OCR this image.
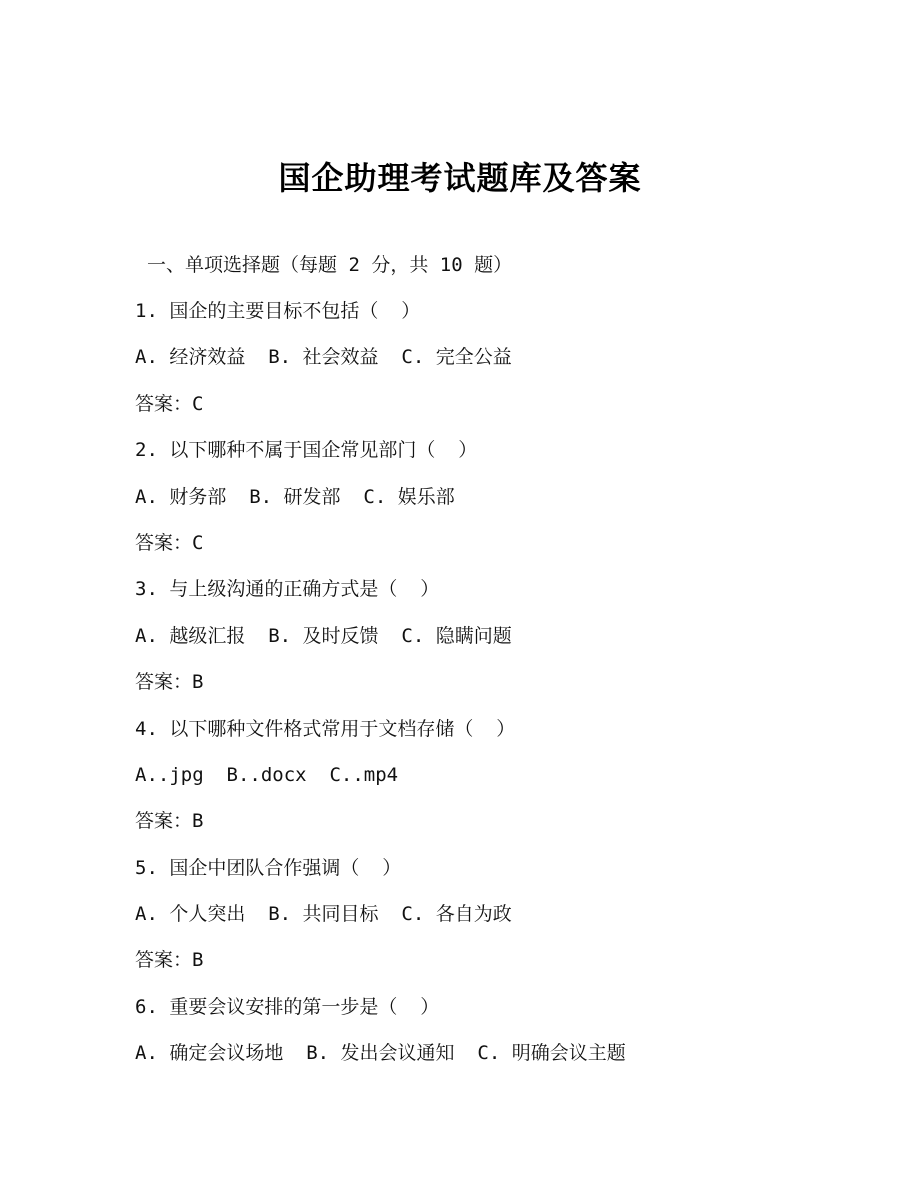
国企助理考试题库及答案
一、单项选择题（每题 2 分，共 10 题）
1. 国企的主要目标不包括（  ）
A. 经济效益  B. 社会效益  C. 完全公益
答案：C
2. 以下哪种不属于国企常见部门（  ）
A. 财务部  B. 研发部  C. 娱乐部
答案：C
3. 与上级沟通的正确方式是（  ）
A. 越级汇报  B. 及时反馈  C. 隐瞒问题
答案：B
4. 以下哪种文件格式常用于文档存储（  ）
A..jpg  B..docx  C..mp4
答案：B
5. 国企中团队合作强调（  ）
A. 个人突出  B. 共同目标  C. 各自为政
答案：B
6. 重要会议安排的第一步是（  ）
A. 确定会议场地  B. 发出会议通知  C. 明确会议主题
